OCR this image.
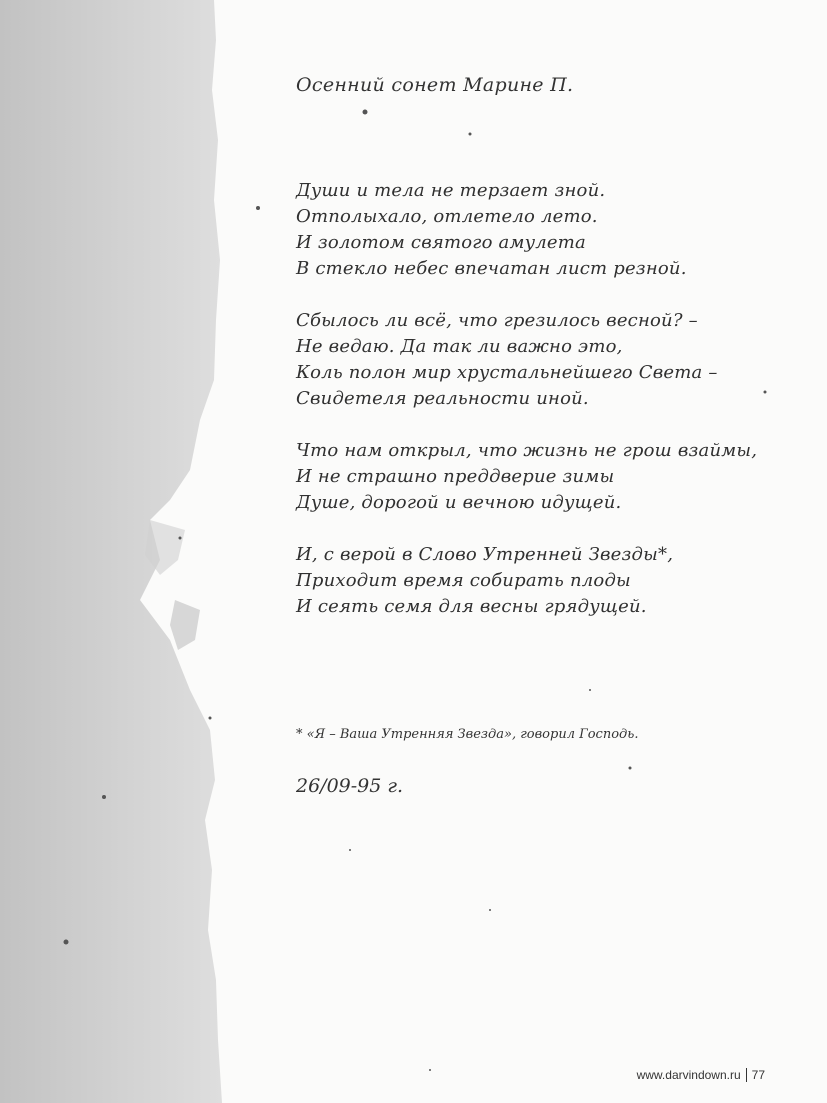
Осенний сонет Марине П.
Души и тела не терзает зной.
Отполыхало, отлетело лето.
И золотом святого амулета
В стекло небес впечатан лист резной.
Сбылось ли всё, что грезилось весной? –
Не ведаю. Да так ли важно это,
Коль полон мир хрустальнейшего Света –
Свидетеля реальности иной.
Что нам открыл, что жизнь не грош взаймы,
И не страшно преддверие зимы
Душе, дорогой и вечною идущей.
И, с верой в Слово Утренней Звезды*,
Приходит время собирать плоды
И сеять семя для весны грядущей.
* «Я – Ваша Утренняя Звезда», говорил Господь.
26/09-95 г.
www.darvindown.ru 77
